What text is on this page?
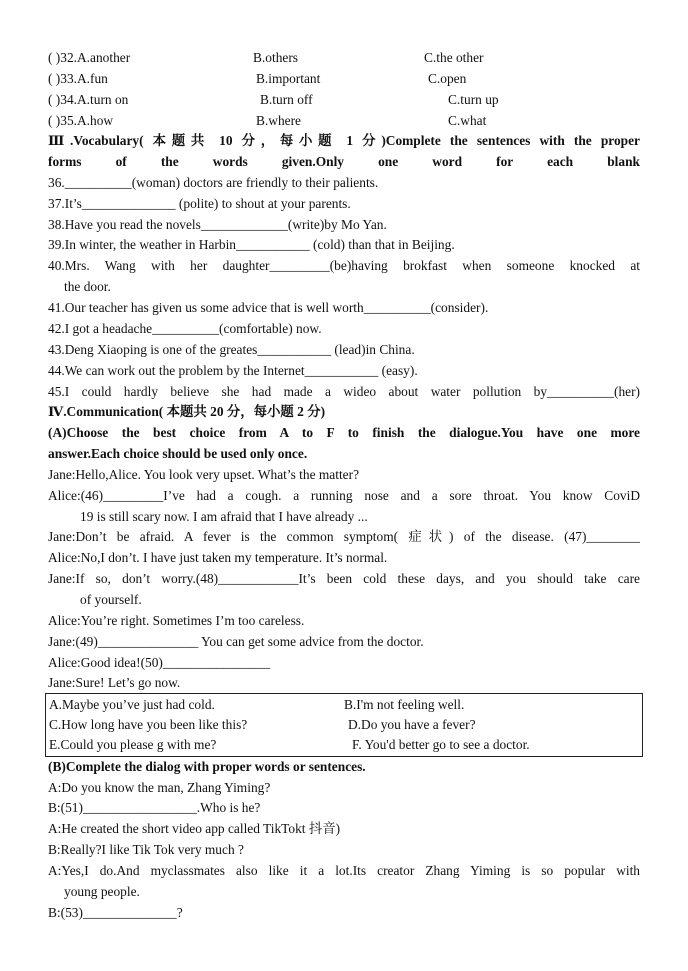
( )32.A.another	B.others	C.the other
( )33.A.fun	B.important	C.open
( )34.A.turn on	B.turn off	C.turn up
( )35.A.how	B.where	C.what
Ⅲ.Vocabulary( 本题共 10 分，每小题 1 分)Complete the sentences with the proper
forms of the words given.Only one word for each blank
36.__________(woman) doctors are friendly to their palients.
37.It’s______________ (polite) to shout at your parents.
38.Have you read the novels_____________(write)by Mo Yan.
39.In winter, the weather in Harbin___________ (cold) than that in Beijing.
40.Mrs. Wang with her daughter_________(be)having brokfast when someone knocked at
the door.
41.Our teacher has given us some advice that is well worth__________(consider).
42.I got a headache__________(comfortable) now.
43.Deng Xiaoping is one of the greates___________ (lead)in China.
44.We can work out the problem by the Internet___________ (easy).
45.I could hardly believe she had made a wideo about water pollution by__________(her)
Ⅳ.Communication( 本题共 20 分，每小题 2 分)
(A)Choose the best choice from A to F to finish the dialogue.You have one more
answer.Each choice should be used only once.
Jane:Hello,Alice. You look very upset. What’s the matter?
Alice:(46)_________I’ve had a cough. a running nose and a sore throat. You know CoviD
19 is still scary now. I am afraid that I have already ...
Jane:Don’t be afraid. A fever is the common symptom( 症状) of the disease. (47)________
Alice:No,I don’t. I have just taken my temperature. It’s normal.
Jane:If so, don’t worry.(48)____________It’s been cold these days, and you should take care
of yourself.
Alice:You’re right. Sometimes I’m too careless.
Jane:(49)_______________ You can get some advice from the doctor.
Alice:Good idea!(50)________________
Jane:Sure! Let’s go now.
A.Maybe you’ve just had cold.	B.I'm not feeling well.
C.How long have you been like this?	D.Do you have a fever?
E.Could you please g with me?	F. You'd better go to see a doctor.
(B)Complete the dialog with proper words or sentences.
A:Do you know the man, Zhang Yiming?
B:(51)_________________.Who is he?
A:He created the short video app called TikTokt 抖音)
B:Really?I like Tik Tok very much ?
A:Yes,I do.And myclassmates also like it a lot.Its creator Zhang Yiming is so popular with
young people.
B:(53)______________?
